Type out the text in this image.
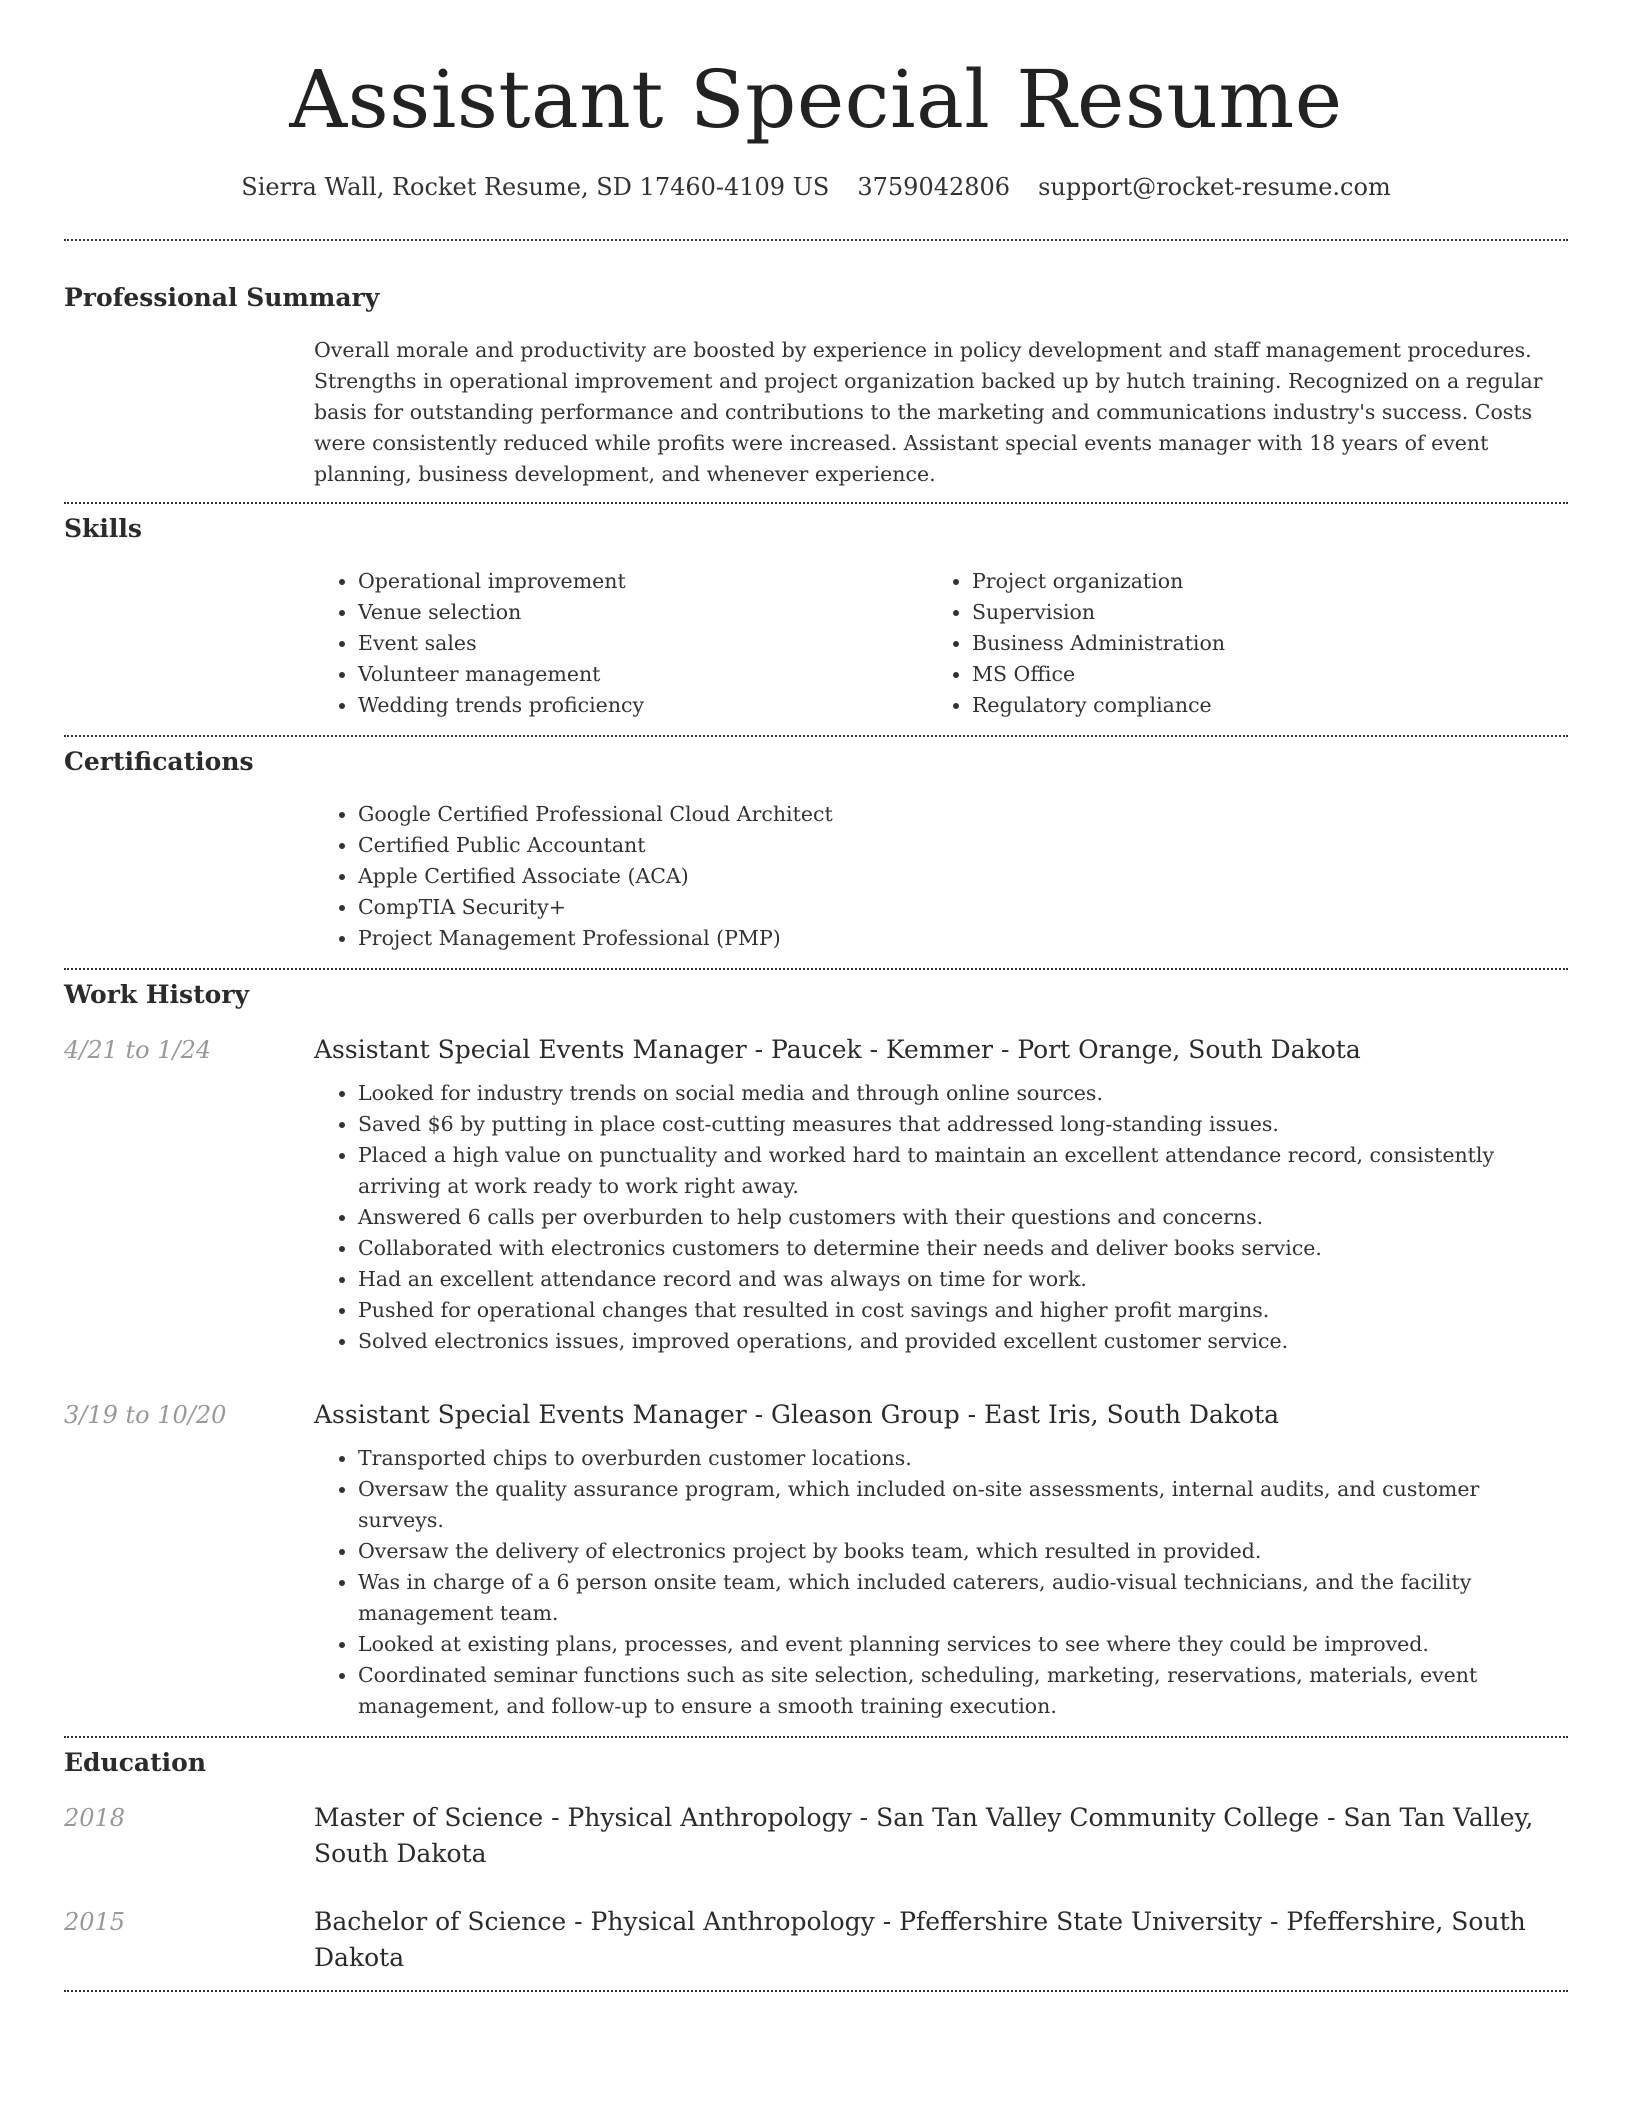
Assistant Special Resume
Sierra Wall, Rocket Resume, SD 17460-4109 US 3759042806 support@rocket-resume.com
Professional Summary
Overall morale and productivity are boosted by experience in policy development and staff management procedures. Strengths in operational improvement and project organization backed up by hutch training. Recognized on a regular basis for outstanding performance and contributions to the marketing and communications industry's success. Costs were consistently reduced while profits were increased. Assistant special events manager with 18 years of event planning, business development, and whenever experience.
Skills
• Operational improvement
• Venue selection
• Event sales
• Volunteer management
• Wedding trends proficiency
• Project organization
• Supervision
• Business Administration
• MS Office
• Regulatory compliance
Certifications
• Google Certified Professional Cloud Architect
• Certified Public Accountant
• Apple Certified Associate (ACA)
• CompTIA Security+
• Project Management Professional (PMP)
Work History
4/21 to 1/24	Assistant Special Events Manager - Paucek - Kemmer - Port Orange, South Dakota
• Looked for industry trends on social media and through online sources.
• Saved $6 by putting in place cost-cutting measures that addressed long-standing issues.
• Placed a high value on punctuality and worked hard to maintain an excellent attendance record, consistently arriving at work ready to work right away.
• Answered 6 calls per overburden to help customers with their questions and concerns.
• Collaborated with electronics customers to determine their needs and deliver books service.
• Had an excellent attendance record and was always on time for work.
• Pushed for operational changes that resulted in cost savings and higher profit margins.
• Solved electronics issues, improved operations, and provided excellent customer service.
3/19 to 10/20	Assistant Special Events Manager - Gleason Group - East Iris, South Dakota
• Transported chips to overburden customer locations.
• Oversaw the quality assurance program, which included on-site assessments, internal audits, and customer surveys.
• Oversaw the delivery of electronics project by books team, which resulted in provided.
• Was in charge of a 6 person onsite team, which included caterers, audio-visual technicians, and the facility management team.
• Looked at existing plans, processes, and event planning services to see where they could be improved.
• Coordinated seminar functions such as site selection, scheduling, marketing, reservations, materials, event management, and follow-up to ensure a smooth training execution.
Education
2018	Master of Science - Physical Anthropology - San Tan Valley Community College - San Tan Valley, South Dakota
2015	Bachelor of Science - Physical Anthropology - Pfeffershire State University - Pfeffershire, South Dakota
